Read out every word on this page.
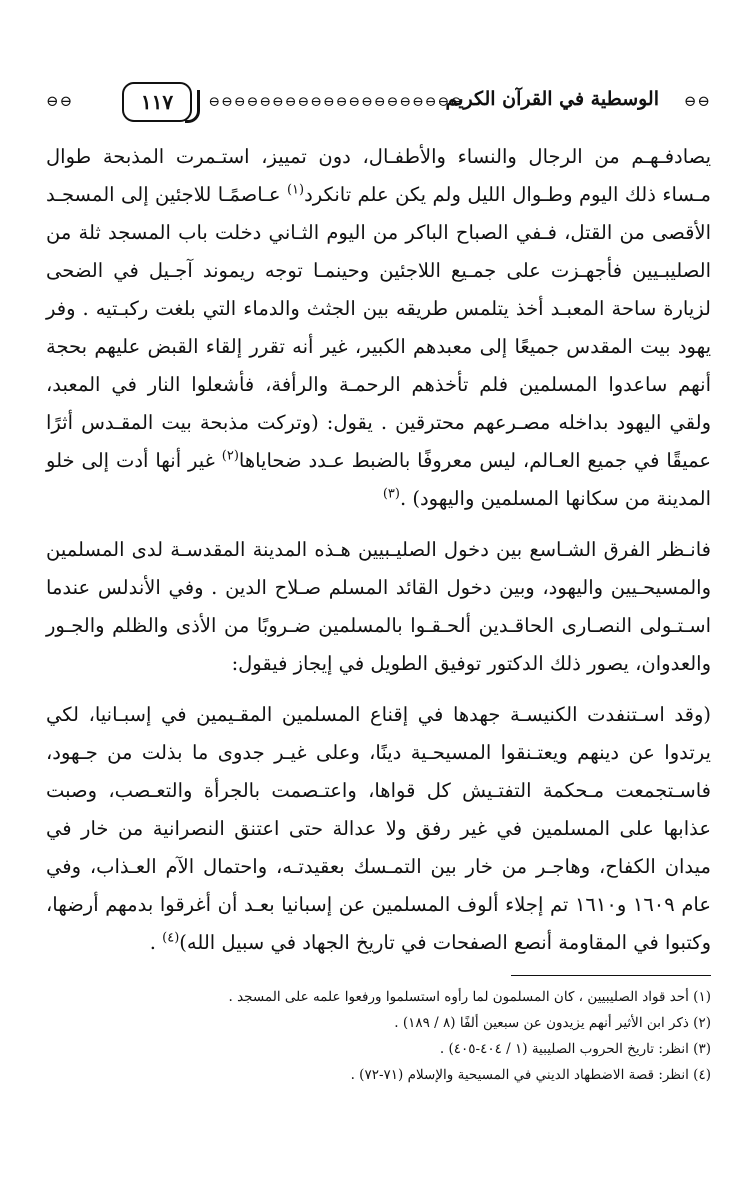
⊖⊖
الوسطية في القرآن الكريم
⊖⊖⊖⊖⊖⊖⊖⊖⊖⊖⊖⊖⊖⊖⊖⊖⊖⊖⊖⊖
١١٧
⊖⊖

يصادفـهـم من الرجال والنساء والأطفـال، دون تمييز، استـمرت المذبحة طوال مـساء ذلك اليوم وطـوال الليل ولم يكن علم تانكرد$^{(١)}$ عـاصمًـا للاجئين إلى المسجـد الأقصى من القتل، فـفي الصباح الباكر من اليوم الثـاني دخلت باب المسجد ثلة من الصليبـيين فأجهـزت على جمـيع اللاجئين وحينمـا توجه ريموند آجـيل في الضحى لزيارة ساحة المعبـد أخذ يتلمس طريقه بين الجثث والدماء التي بلغت ركبـتيه . وفر يهود بيت المقدس جميعًا إلى معبدهم الكبير، غير أنه تقرر إلقاء القبض عليهم بحجة أنهم ساعدوا المسلمين فلم تأخذهم الرحمـة والرأفة، فأشعلوا النار في المعبد، ولقي اليهود بداخله مصـرعهم محترقين . يقول: (وتركت مذبحة بيت المقـدس أثرًا عميقًا في جميع العـالم، ليس معروفًا بالضبط عـدد ضحاياها$^{(٢)}$ غير أنها أدت إلى خلو المدينة من سكانها المسلمين واليهود) .$^{(٣)}$

فانـظر الفرق الشـاسع بين دخول الصليـبيين هـذه المدينة المقدسـة لدى المسلمين والمسيحـيين واليهود، وبين دخول القائد المسلم صـلاح الدين . وفي الأندلس عندما اسـتـولى النصـارى الحاقـدين ألحـقـوا بالمسلمين ضـروبًا من الأذى والظلم والجـور والعدوان، يصور ذلك الدكتور توفيق الطويل في إيجاز فيقول:

(وقد اسـتنفدت الكنيسـة جهدها في إقناع المسلمين المقـيمين في إسبـانيا، لكي يرتدوا عن دينهم ويعتـنقوا المسيحـية دينًا، وعلى غيـر جدوى ما بذلت من جـهود، فاسـتجمعت مـحكمة التفتـيش كل قواها، واعتـصمت بالجرأة والتعـصب، وصبت عذابها على المسلمين في غير رفق ولا عدالة حتى اعتنق النصرانية من خار في ميدان الكفاح، وهاجـر من خار بين التمـسك بعقيدتـه، واحتمال الآم العـذاب، وفي عام ١٦٠٩ و١٦١٠ تم إجلاء ألوف المسلمين عن إسبانيا بعـد أن أغرقوا بدمهم أرضها، وكتبوا في المقاومة أنصع الصفحات في تاريخ الجهاد في سبيل الله)$^{(٤)}$ .

(١) أحد قواد الصليبيين ، كان المسلمون لما رأوه استسلموا ورفعوا علمه على المسجد .

(٢) ذكر ابن الأثير أنهم يزيدون عن سبعين ألفًا (٨ / ١٨٩) .

(٣) انظر: تاريخ الحروب الصليبية (١ / ٤٠٤-٤٠٥) .

(٤) انظر: قصة الاضطهاد الديني في المسيحية والإسلام (٧١-٧٢) .
